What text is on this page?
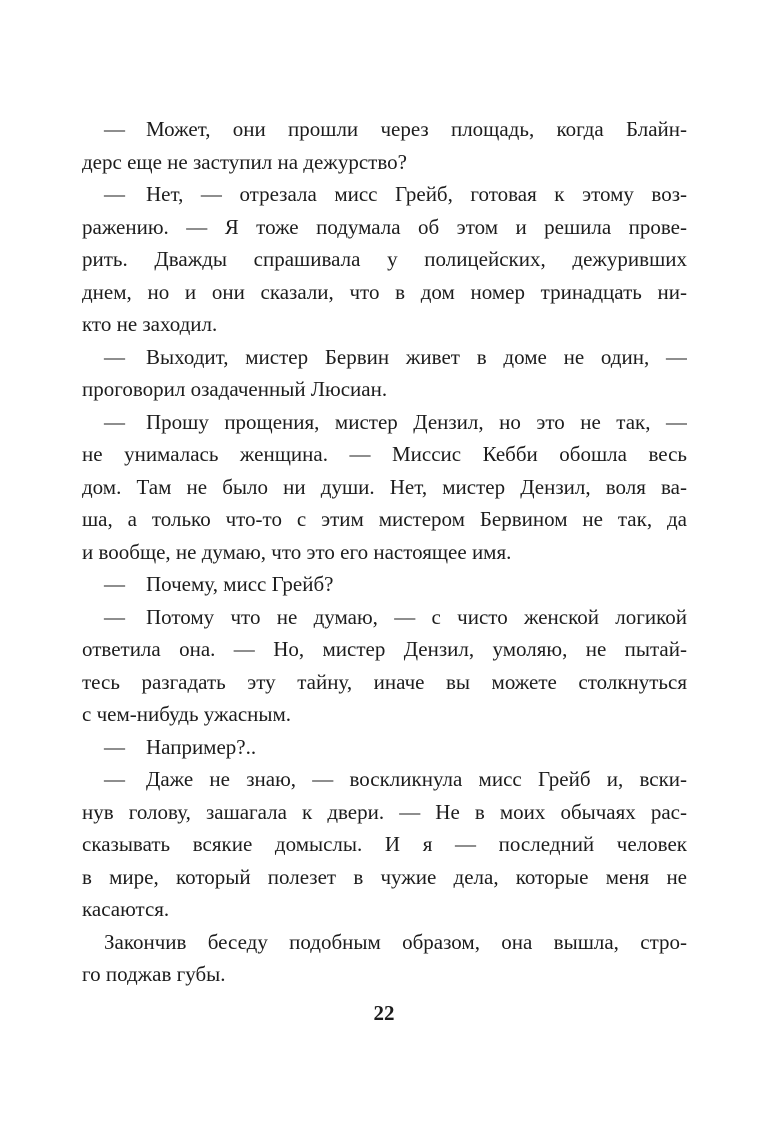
— Может, они прошли через площадь, когда Блайн-
дерс еще не заступил на дежурство?
— Нет, — отрезала мисс Грейб, готовая к этому воз-
ражению. — Я тоже подумала об этом и решила прове-
рить. Дважды спрашивала у полицейских, дежуривших
днем, но и они сказали, что в дом номер тринадцать ни-
кто не заходил.
— Выходит, мистер Бервин живет в доме не один, —
проговорил озадаченный Люсиан.
— Прошу прощения, мистер Дензил, но это не так, —
не унималась женщина. — Миссис Кебби обошла весь
дом. Там не было ни души. Нет, мистер Дензил, воля ва-
ша, а только что-то с этим мистером Бервином не так, да
и вообще, не думаю, что это его настоящее имя.
— Почему, мисс Грейб?
— Потому что не думаю, — с чисто женской логикой
ответила она. — Но, мистер Дензил, умоляю, не пытай-
тесь разгадать эту тайну, иначе вы можете столкнуться
с чем-нибудь ужасным.
— Например?..
— Даже не знаю, — воскликнула мисс Грейб и, вски-
нув голову, зашагала к двери. — Не в моих обычаях рас-
сказывать всякие домыслы. И я — последний человек
в мире, который полезет в чужие дела, которые меня не
касаются.
Закончив беседу подобным образом, она вышла, стро-
го поджав губы.
22
